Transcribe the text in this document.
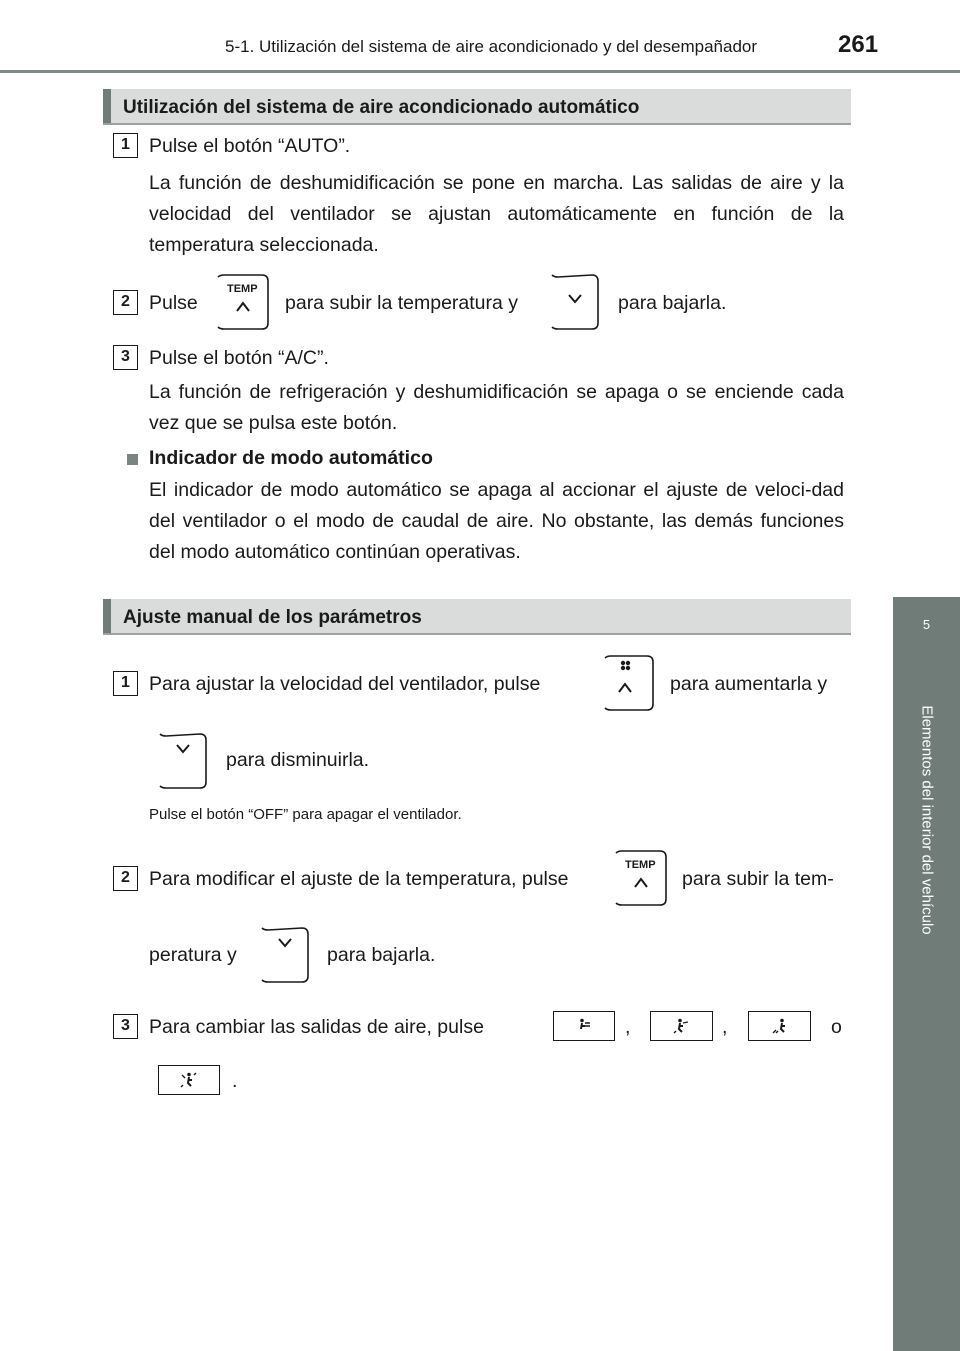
5-1. Utilización del sistema de aire acondicionado y del desempañador	261
5
Elementos del interior del vehículo
Utilización del sistema de aire acondicionado automático
1 Pulse el botón “AUTO”.
La función de deshumidificación se pone en marcha. Las salidas de aire y la velocidad del ventilador se ajustan automáticamente en función de la temperatura seleccionada.
2 Pulse
TEMP
para subir la temperatura y	para bajarla.
3 Pulse el botón “A/C”.
La función de refrigeración y deshumidificación se apaga o se enciende cada vez que se pulsa este botón.
Indicador de modo automático
El indicador de modo automático se apaga al accionar el ajuste de veloci-dad del ventilador o el modo de caudal de aire. No obstante, las demás funciones del modo automático continúan operativas.
Ajuste manual de los parámetros
1 Para ajustar la velocidad del ventilador, pulse	para aumentarla y
para disminuirla.
Pulse el botón “OFF” para apagar el ventilador.
2 Para modificar el ajuste de la temperatura, pulse
TEMP
para subir la tem-
peratura y	para bajarla.
3 Para cambiar las salidas de aire, pulse	,	,	o
.
